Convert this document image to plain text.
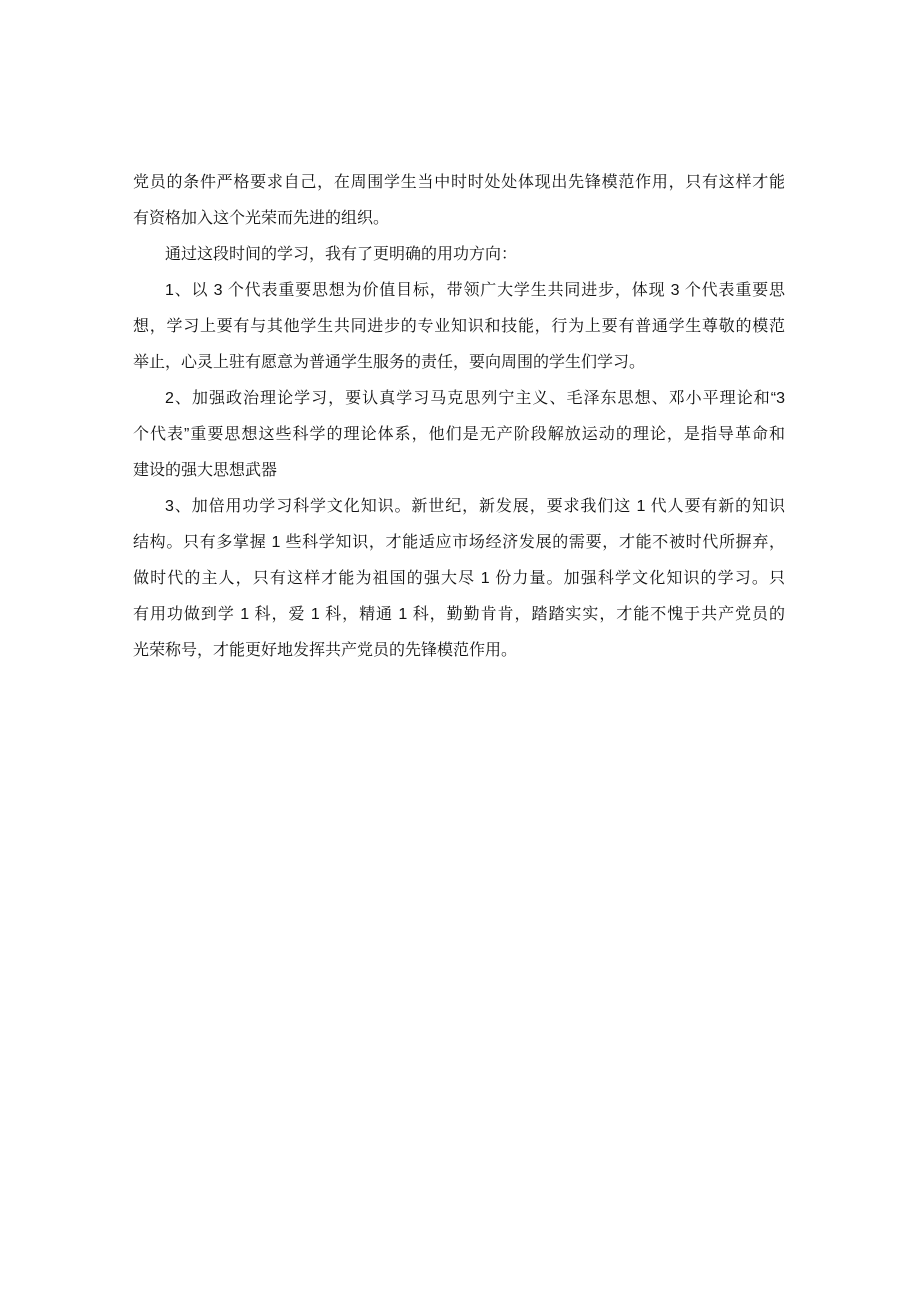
党员的条件严格要求自己，在周围学生当中时时处处体现出先锋模范作用，只有这样才能
有资格加入这个光荣而先进的组织。
通过这段时间的学习，我有了更明确的用功方向：
1、以 3 个代表重要思想为价值目标，带领广大学生共同进步，体现 3 个代表重要思
想，学习上要有与其他学生共同进步的专业知识和技能，行为上要有普通学生尊敬的模范
举止，心灵上驻有愿意为普通学生服务的责任，要向周围的学生们学习。
2、加强政治理论学习，要认真学习马克思列宁主义、毛泽东思想、邓小平理论和“3
个代表”重要思想这些科学的理论体系，他们是无产阶段解放运动的理论，是指导革命和
建设的强大思想武器
3、加倍用功学习科学文化知识。新世纪，新发展，要求我们这 1 代人要有新的知识
结构。只有多掌握 1 些科学知识，才能适应市场经济发展的需要，才能不被时代所摒弃，
做时代的主人，只有这样才能为祖国的强大尽 1 份力量。加强科学文化知识的学习。只
有用功做到学 1 科，爱 1 科，精通 1 科，勤勤肯肯，踏踏实实，才能不愧于共产党员的
光荣称号，才能更好地发挥共产党员的先锋模范作用。
